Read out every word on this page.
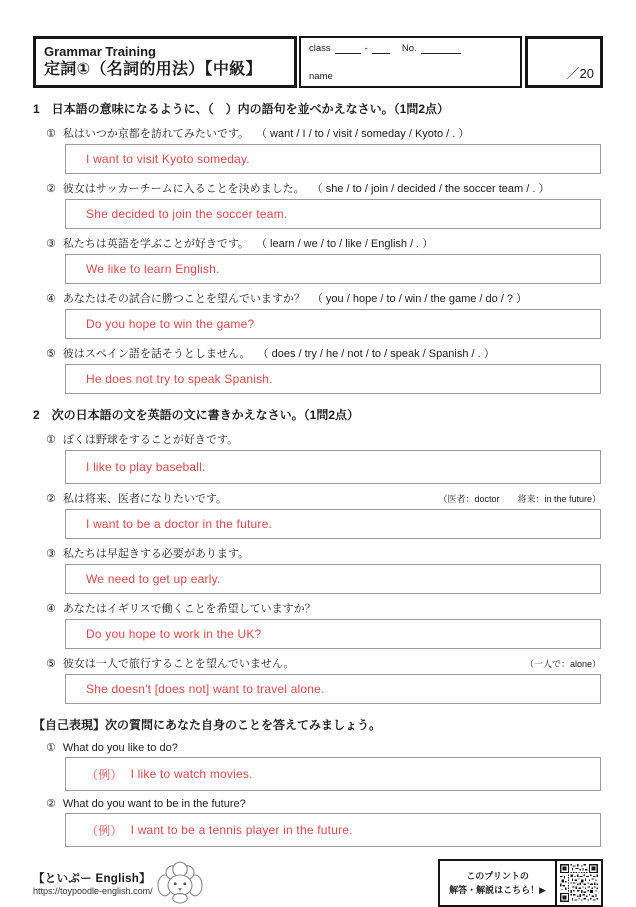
Grammar Training
定詞①（名詞的用法）【中級】
class	-	No.
name	／20
1　日本語の意味になるように、（　）内の語句を並べかえなさい。（1問2点）
① 私はいつか京都を訪れてみたいです。 （ want / I / to / visit / someday / Kyoto / . ）
I want to visit Kyoto someday.
② 彼女はサッカーチームに入ることを決めました。 （ she / to / join / decided / the soccer team / . ）
She decided to join the soccer team.
③ 私たちは英語を学ぶことが好きです。 （ learn / we / to / like / English / . ）
We like to learn English.
④ あなたはその試合に勝つことを望んでいますか？ （ you / hope / to / win / the game / do / ? ）
Do you hope to win the game?
⑤ 彼はスペイン語を話そうとしません。 （ does / try / he / not / to / speak / Spanish / . ）
He does not try to speak Spanish.
2　次の日本語の文を英語の文に書きかえなさい。（1問2点）
① ぼくは野球をすることが好きです。
I like to play baseball.
② 私は将来、医者になりたいです。	（医者：doctor　　将来：in the future）
I want to be a doctor in the future.
③ 私たちは早起きする必要があります。
We need to get up early.
④ あなたはイギリスで働くことを希望していますか？
Do you hope to work in the UK?
⑤ 彼女は一人で旅行することを望んでいません。	（一人で：alone）
She doesn't [does not] want to travel alone.
【自己表現】次の質問にあなた自身のことを答えてみましょう。
① What do you like to do?
（例） I like to watch movies.
② What do you want to be in the future?
（例） I want to be a tennis player in the future.
【といぷー English】
https://toypoodle-english.com/
このプリントの
解答・解説はこちら！▶
